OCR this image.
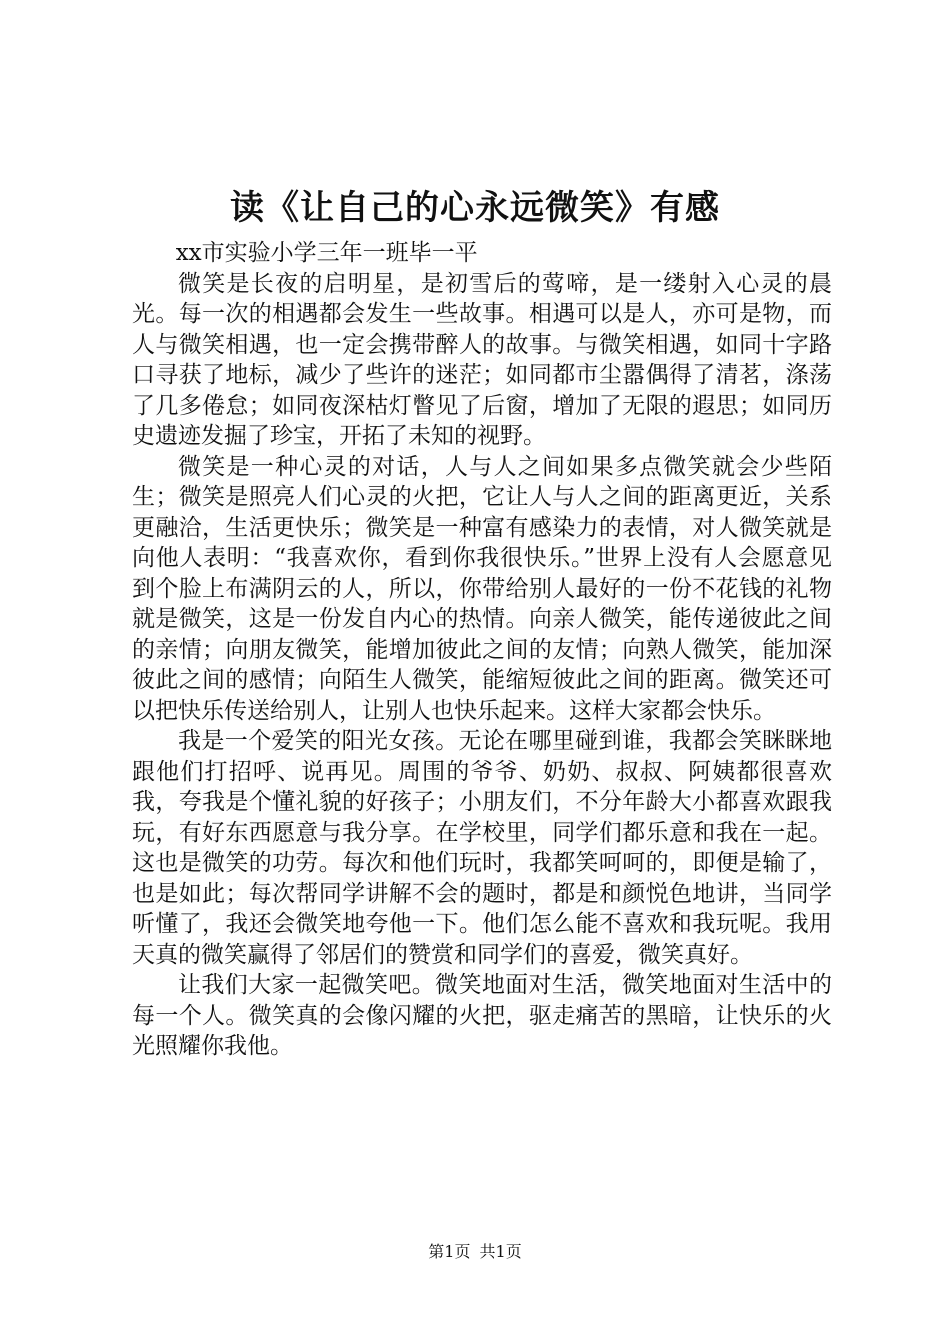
读《让自己的心永远微笑》有感

xx市实验小学三年一班毕一平

微笑是长夜的启明星，是初雪后的莺啼，是一缕射入心灵的晨光。每一次的相遇都会发生一些故事。相遇可以是人，亦可是物，而人与微笑相遇，也一定会携带醉人的故事。与微笑相遇，如同十字路口寻获了地标，减少了些许的迷茫；如同都市尘嚣偶得了清茗，涤荡了几多倦怠；如同夜深枯灯瞥见了后窗，增加了无限的遐思；如同历史遗迹发掘了珍宝，开拓了未知的视野。

微笑是一种心灵的对话，人与人之间如果多点微笑就会少些陌生；微笑是照亮人们心灵的火把，它让人与人之间的距离更近，关系更融洽，生活更快乐；微笑是一种富有感染力的表情，对人微笑就是向他人表明：“我喜欢你，看到你我很快乐。”世界上没有人会愿意见到个脸上布满阴云的人，所以，你带给别人最好的一份不花钱的礼物就是微笑，这是一份发自内心的热情。向亲人微笑，能传递彼此之间的亲情；向朋友微笑，能增加彼此之间的友情；向熟人微笑，能加深彼此之间的感情；向陌生人微笑，能缩短彼此之间的距离。微笑还可以把快乐传送给别人，让别人也快乐起来。这样大家都会快乐。

我是一个爱笑的阳光女孩。无论在哪里碰到谁，我都会笑眯眯地跟他们打招呼、说再见。周围的爷爷、奶奶、叔叔、阿姨都很喜欢我，夸我是个懂礼貌的好孩子；小朋友们，不分年龄大小都喜欢跟我玩，有好东西愿意与我分享。在学校里，同学们都乐意和我在一起。这也是微笑的功劳。每次和他们玩时，我都笑呵呵的，即便是输了，也是如此；每次帮同学讲解不会的题时，都是和颜悦色地讲，当同学听懂了，我还会微笑地夸他一下。他们怎么能不喜欢和我玩呢。我用天真的微笑赢得了邻居们的赞赏和同学们的喜爱，微笑真好。

让我们大家一起微笑吧。微笑地面对生活，微笑地面对生活中的每一个人。微笑真的会像闪耀的火把，驱走痛苦的黑暗，让快乐的火光照耀你我他。

第1页 共1页
